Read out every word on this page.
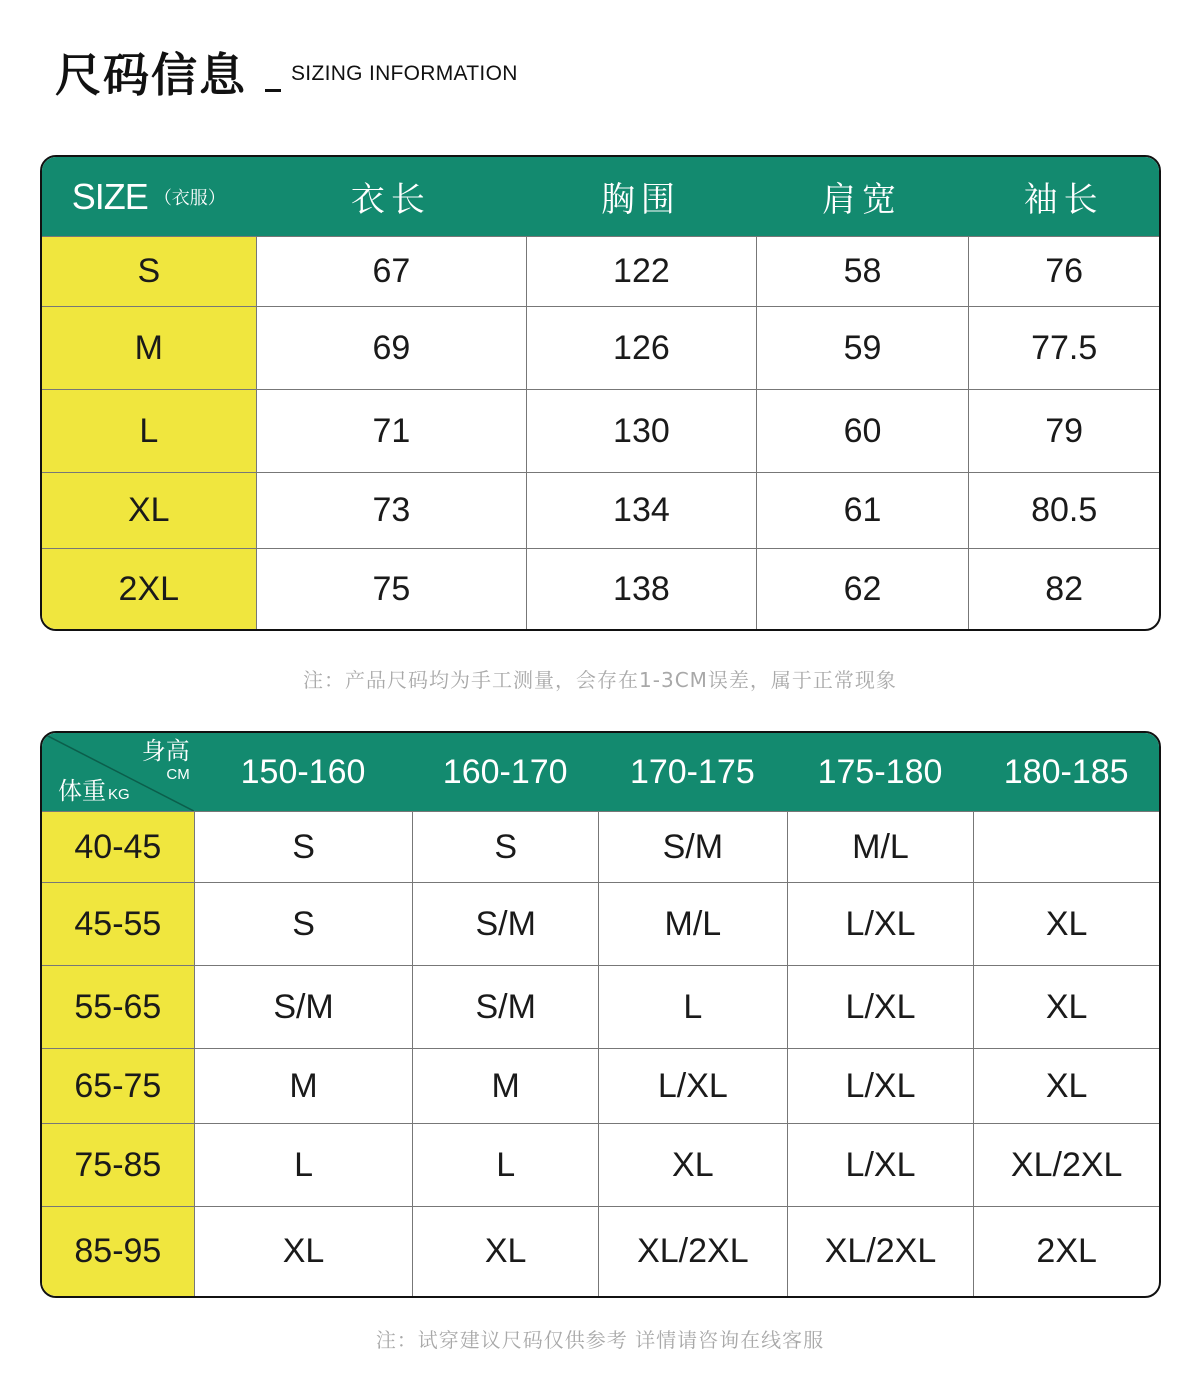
尺码信息 SIZING INFORMATION
SIZE （衣服）	衣长	胸围	肩宽	袖长
S	67	122	58	76
M	69	126	59	77.5
L	71	130	60	79
XL	73	134	61	80.5
2XL	75	138	62	82
注：产品尺码均为手工测量，会存在1-3CM误差，属于正常现象
身高
CM
体重 KG
150-160	160-170	170-175	175-180	180-185
40-45	S	S	S/M	M/L
45-55	S	S/M	M/L	L/XL	XL
55-65	S/M	S/M	L	L/XL	XL
65-75	M	M	L/XL	L/XL	XL
75-85	L	L	XL	L/XL	XL/2XL
85-95	XL	XL	XL/2XL	XL/2XL	2XL
注：试穿建议尺码仅供参考 详情请咨询在线客服
